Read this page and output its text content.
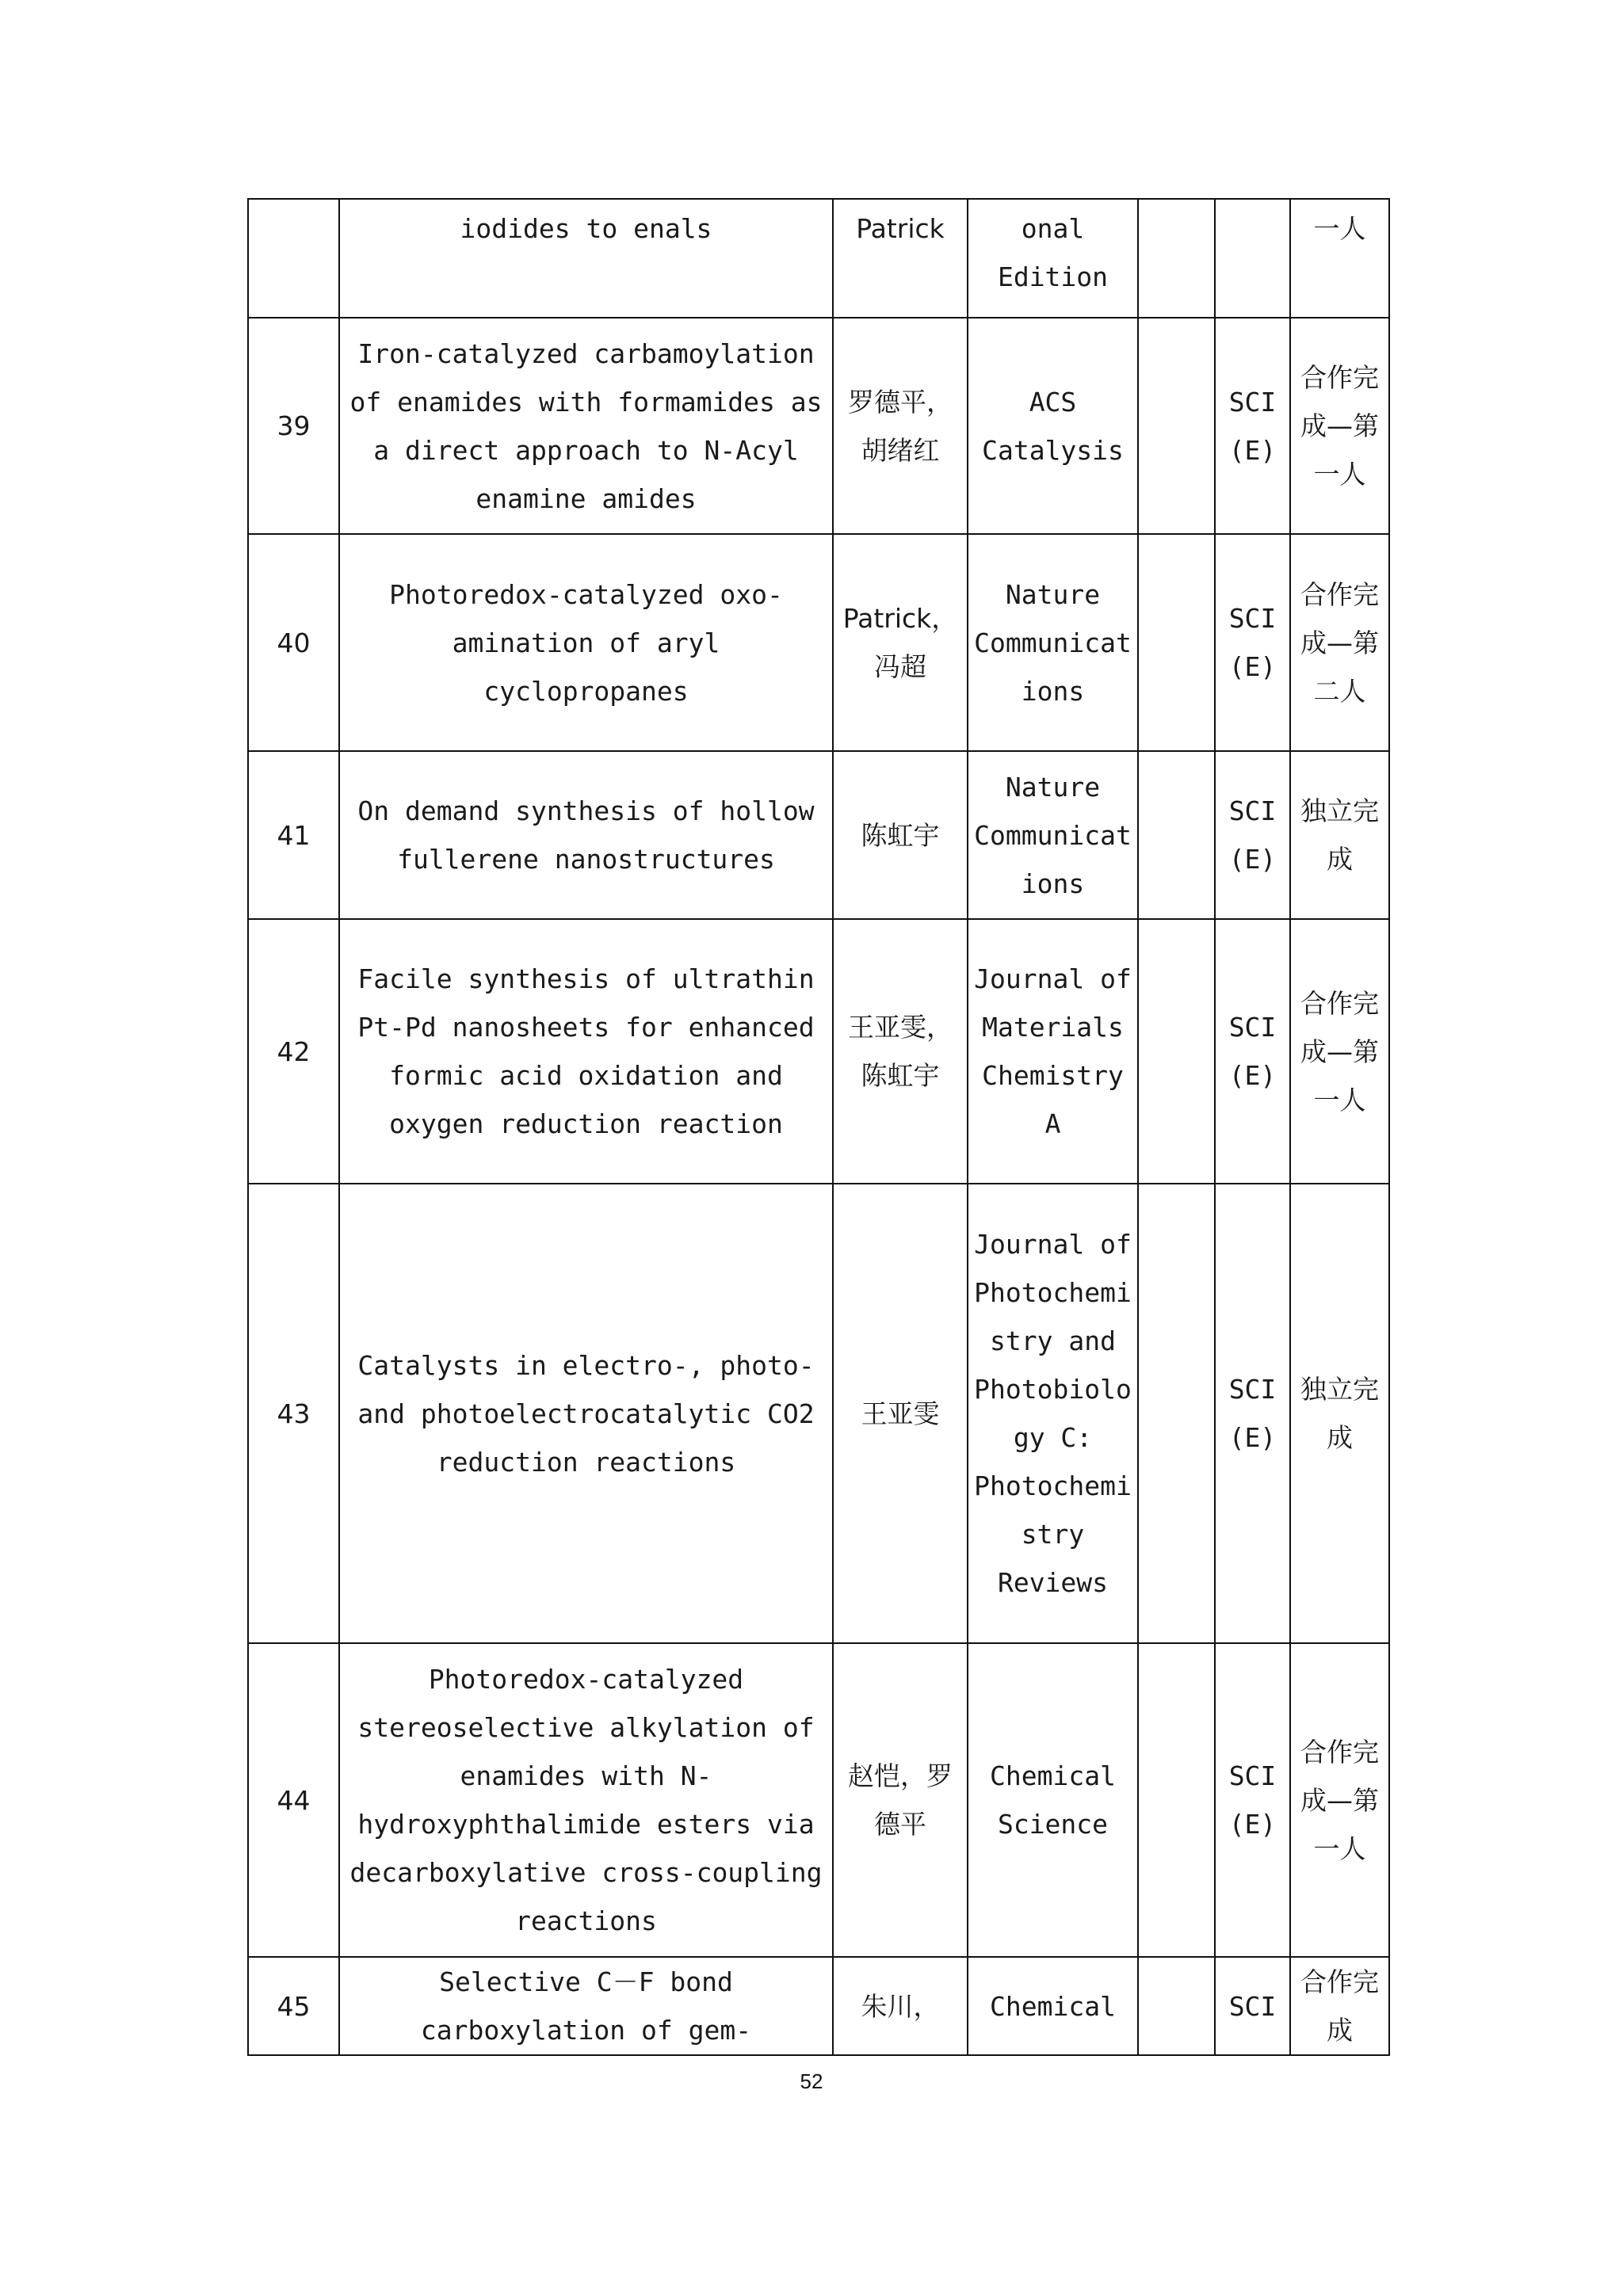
	iodides to enals	Patrick	onal Edition			一人
39	Iron-catalyzed carbamoylation of enamides with formamides as a direct approach to N-Acyl enamine amides	罗德平，胡绪红	ACS Catalysis		SCI (E)	合作完成—第一人
40	Photoredox-catalyzed oxo-amination of aryl cyclopropanes	Patrick，冯超	Nature Communications		SCI (E)	合作完成—第二人
41	On demand synthesis of hollow fullerene nanostructures	陈虹宇	Nature Communications		SCI (E)	独立完成
42	Facile synthesis of ultrathin Pt-Pd nanosheets for enhanced formic acid oxidation and oxygen reduction reaction	王亚雯，陈虹宇	Journal of Materials Chemistry A		SCI (E)	合作完成—第一人
43	Catalysts in electro-, photo-and photoelectrocatalytic CO2 reduction reactions	王亚雯	Journal of Photochemistry and Photobiology C: Photochemistry Reviews		SCI (E)	独立完成
44	Photoredox-catalyzed stereoselective alkylation of enamides with N-hydroxyphthalimide esters via decarboxylative cross-coupling reactions	赵恺，罗德平	Chemical Science		SCI (E)	合作完成—第一人
45	Selective C－F bond carboxylation of gem-	朱川，	Chemical		SCI	合作完成
52
